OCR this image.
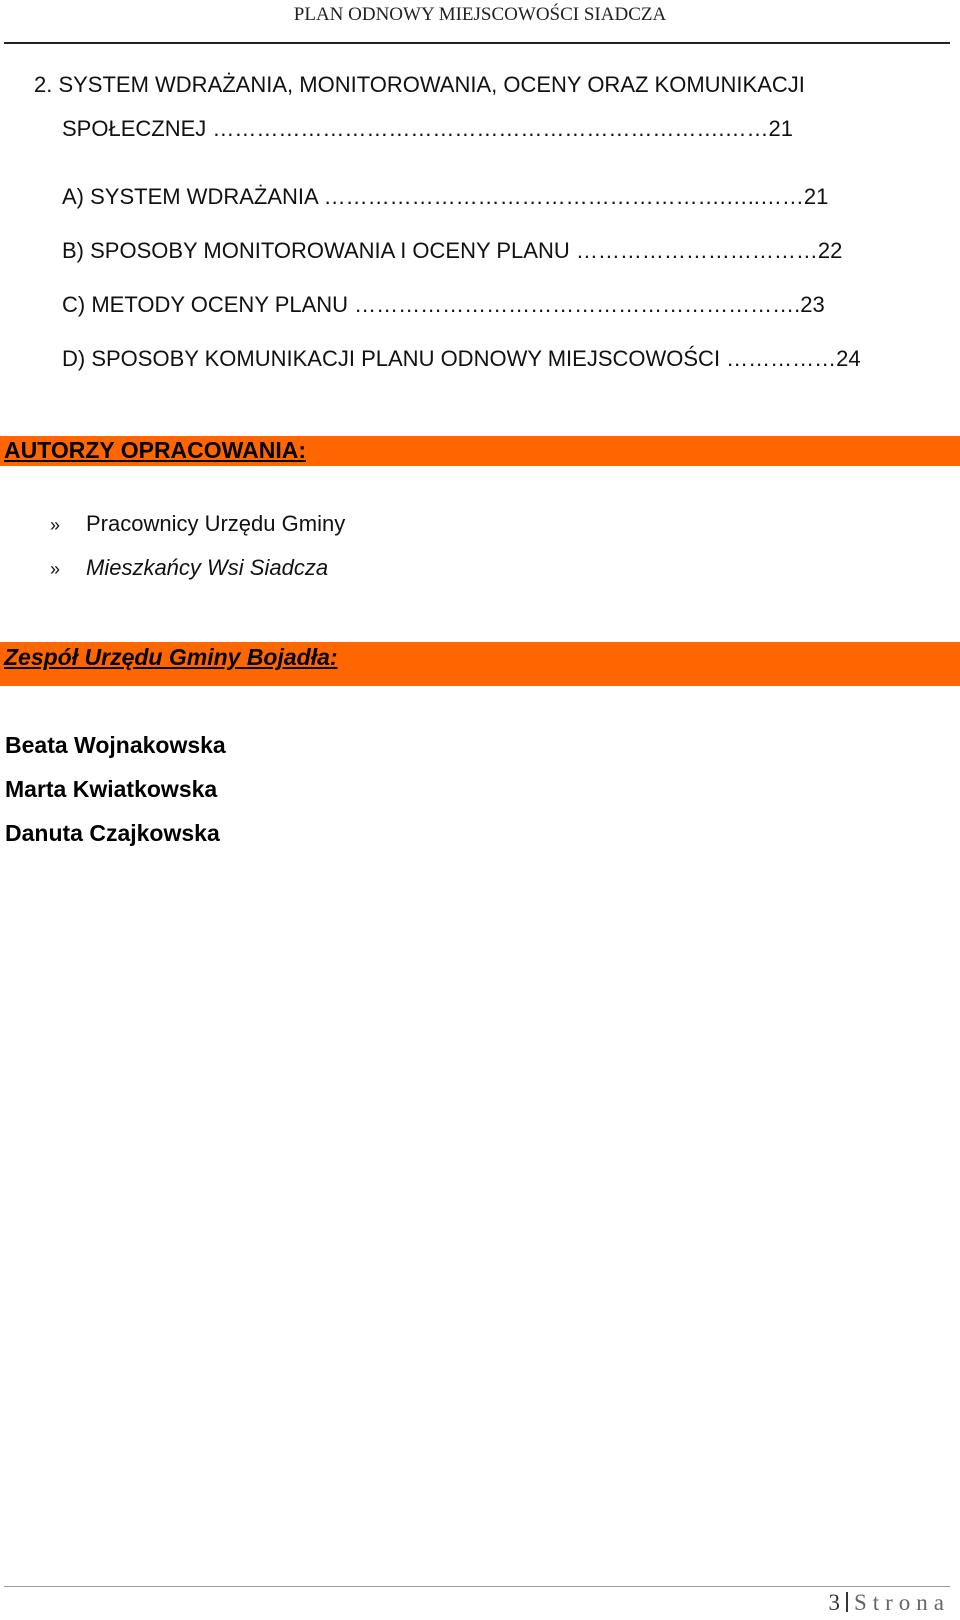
PLAN ODNOWY MIEJSCOWOŚCI SIADCZA
2. SYSTEM WDRAŻANIA, MONITOROWANIA, OCENY ORAZ KOMUNIKACJI
SPOŁECZNEJ …………………………………………………………….……21
A) SYSTEM WDRAŻANIA ……………………………………………….…..……21
B) SPOSOBY MONITOROWANIA I OCENY PLANU ……………………………22
C) METODY OCENY PLANU …………………………………………………….23
D) SPOSOBY KOMUNIKACJI PLANU ODNOWY MIEJSCOWOŚCI ……………24
AUTORZY OPRACOWANIA:
» Pracownicy Urzędu Gminy
» Mieszkańcy Wsi Siadcza
Zespół Urzędu Gminy Bojadła:
Beata Wojnakowska
Marta Kwiatkowska
Danuta Czajkowska
3 Strona
